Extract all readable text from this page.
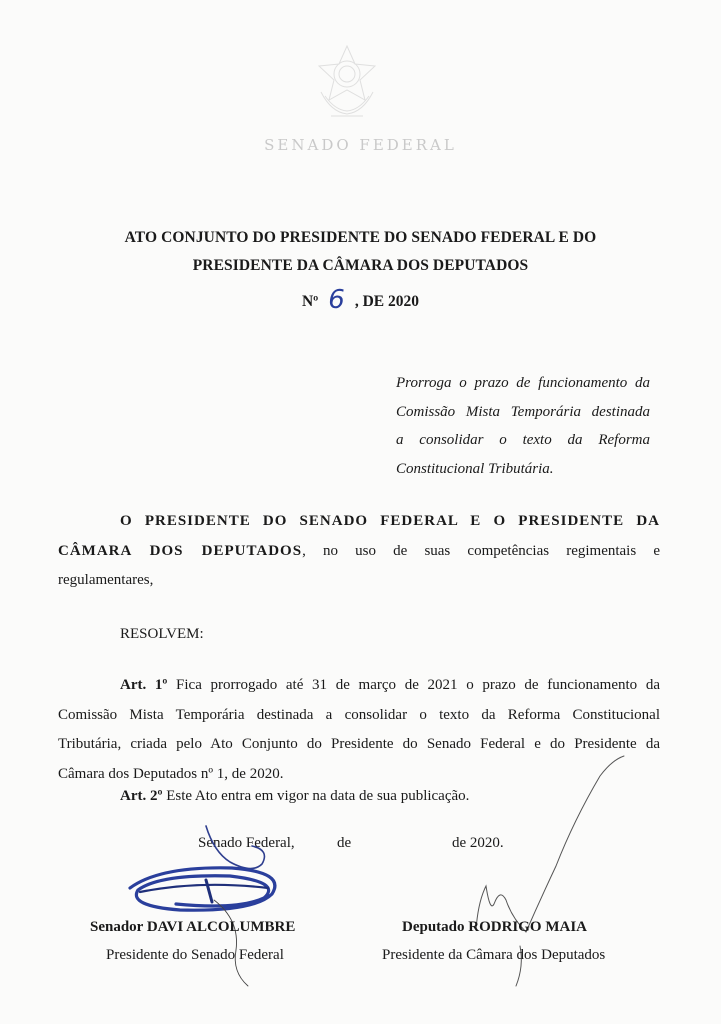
SENADO FEDERAL
ATO CONJUNTO DO PRESIDENTE DO SENADO FEDERAL E DO
PRESIDENTE DA CÂMARA DOS DEPUTADOS
Nº 6 , DE 2020
Prorroga o prazo de funcionamento da
Comissão Mista Temporária destinada
a consolidar o texto da Reforma
Constitucional Tributária.
O PRESIDENTE DO SENADO FEDERAL E O PRESIDENTE DA
CÂMARA DOS DEPUTADOS, no uso de suas competências regimentais e
regulamentares,
RESOLVEM:
Art. 1º Fica prorrogado até 31 de março de 2021 o prazo de funcionamento da
Comissão Mista Temporária destinada a consolidar o texto da Reforma Constitucional
Tributária, criada pelo Ato Conjunto do Presidente do Senado Federal e do Presidente da
Câmara dos Deputados nº 1, de 2020.
Art. 2º Este Ato entra em vigor na data de sua publicação.
Senado Federal,	de	de 2020.
Senador DAVI ALCOLUMBRE
Presidente do Senado Federal
Deputado RODRIGO MAIA
Presidente da Câmara dos Deputados
